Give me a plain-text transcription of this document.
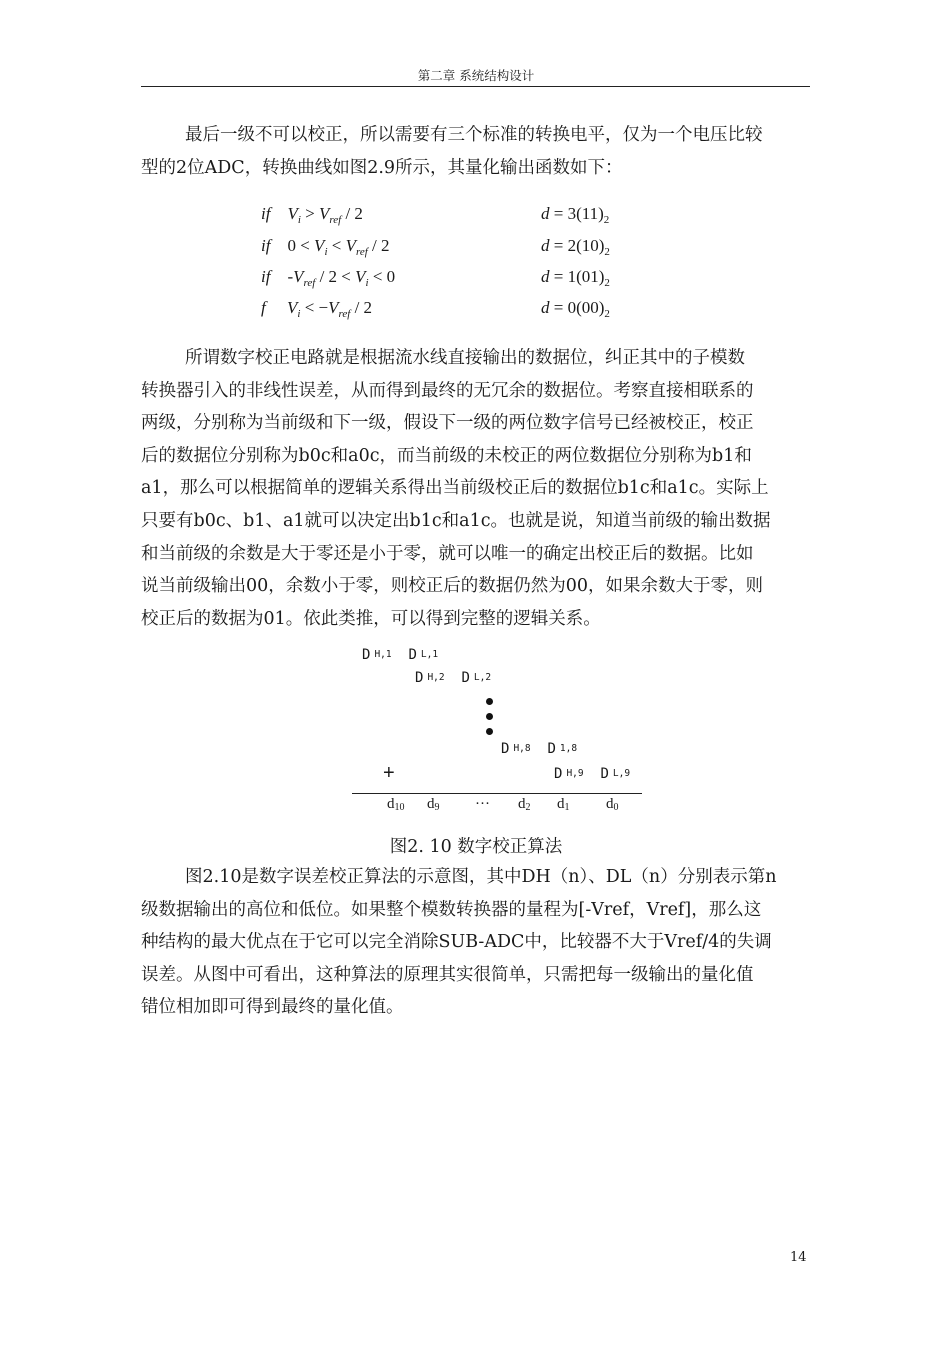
第二章 系统结构设计

最后一级不可以校正，所以需要有三个标准的转换电平，仅为一个电压比较
型的2位ADC，转换曲线如图2.9所示，其量化输出函数如下：

if $V_i > V_{ref} / 2$	$d = 3(11)_2$
if $0 < V_i < V_{ref} / 2$	$d = 2(10)_2$
if $-V_{ref} / 2 < V_i < 0$	$d = 1(01)_2$
f $V_i < -V_{ref} / 2$	$d = 0(00)_2$

所谓数字校正电路就是根据流水线直接输出的数据位，纠正其中的子模数
转换器引入的非线性误差，从而得到最终的无冗余的数据位。考察直接相联系的
两级，分别称为当前级和下一级，假设下一级的两位数字信号已经被校正，校正
后的数据位分别称为b0c和a0c，而当前级的未校正的两位数据位分别称为b1和
a1，那么可以根据简单的逻辑关系得出当前级校正后的数据位b1c和a1c。实际上
只要有b0c、b1、a1就可以决定出b1c和a1c。也就是说，知道当前级的输出数据
和当前级的余数是大于零还是小于零，就可以唯一的确定出校正后的数据。比如
说当前级输出00，余数小于零，则校正后的数据仍然为00，如果余数大于零，则
校正后的数据为01。依此类推，可以得到完整的逻辑关系。

D $_{H,1}$ D $_{L,1}$
D $_{H,2}$ D $_{L,2}$
D $_{H,8}$ D $_{1,8}$
+	D $_{H,9}$ D $_{L,9}$
$d_{10}$ $d_9$ ··· $d_2$ $d_1$ $d_0$
图2. 10 数字校正算法

图2.10是数字误差校正算法的示意图，其中DH（n）、DL（n）分别表示第n
级数据输出的高位和低位。如果整个模数转换器的量程为[-Vref，Vref]，那么这
种结构的最大优点在于它可以完全消除SUB-ADC中，比较器不大于Vref/4的失调
误差。从图中可看出，这种算法的原理其实很简单，只需把每一级输出的量化值
错位相加即可得到最终的量化值。

14
